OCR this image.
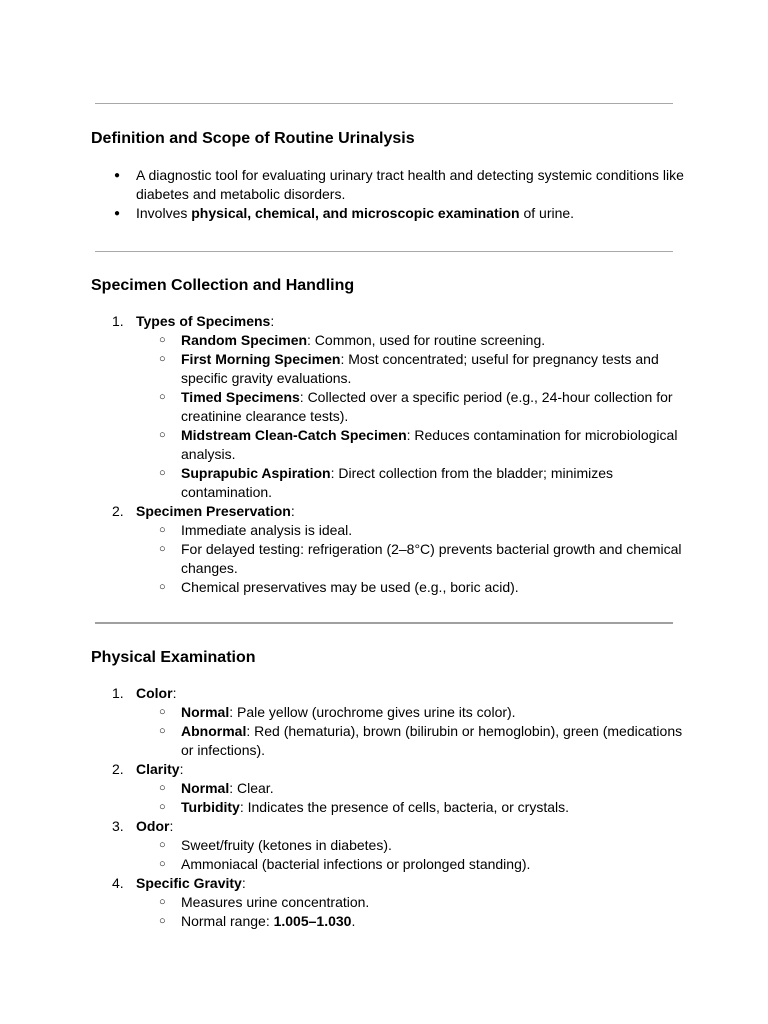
Definition and Scope of Routine Urinalysis
● A diagnostic tool for evaluating urinary tract health and detecting systemic conditions like diabetes and metabolic disorders.
● Involves physical, chemical, and microscopic examination of urine.
Specimen Collection and Handling
1. Types of Specimens:
○ Random Specimen: Common, used for routine screening.
○ First Morning Specimen: Most concentrated; useful for pregnancy tests and specific gravity evaluations.
○ Timed Specimens: Collected over a specific period (e.g., 24-hour collection for creatinine clearance tests).
○ Midstream Clean-Catch Specimen: Reduces contamination for microbiological analysis.
○ Suprapubic Aspiration: Direct collection from the bladder; minimizes contamination.
2. Specimen Preservation:
○ Immediate analysis is ideal.
○ For delayed testing: refrigeration (2–8°C) prevents bacterial growth and chemical changes.
○ Chemical preservatives may be used (e.g., boric acid).
Physical Examination
1. Color:
○ Normal: Pale yellow (urochrome gives urine its color).
○ Abnormal: Red (hematuria), brown (bilirubin or hemoglobin), green (medications or infections).
2. Clarity:
○ Normal: Clear.
○ Turbidity: Indicates the presence of cells, bacteria, or crystals.
3. Odor:
○ Sweet/fruity (ketones in diabetes).
○ Ammoniacal (bacterial infections or prolonged standing).
4. Specific Gravity:
○ Measures urine concentration.
○ Normal range: 1.005–1.030.
